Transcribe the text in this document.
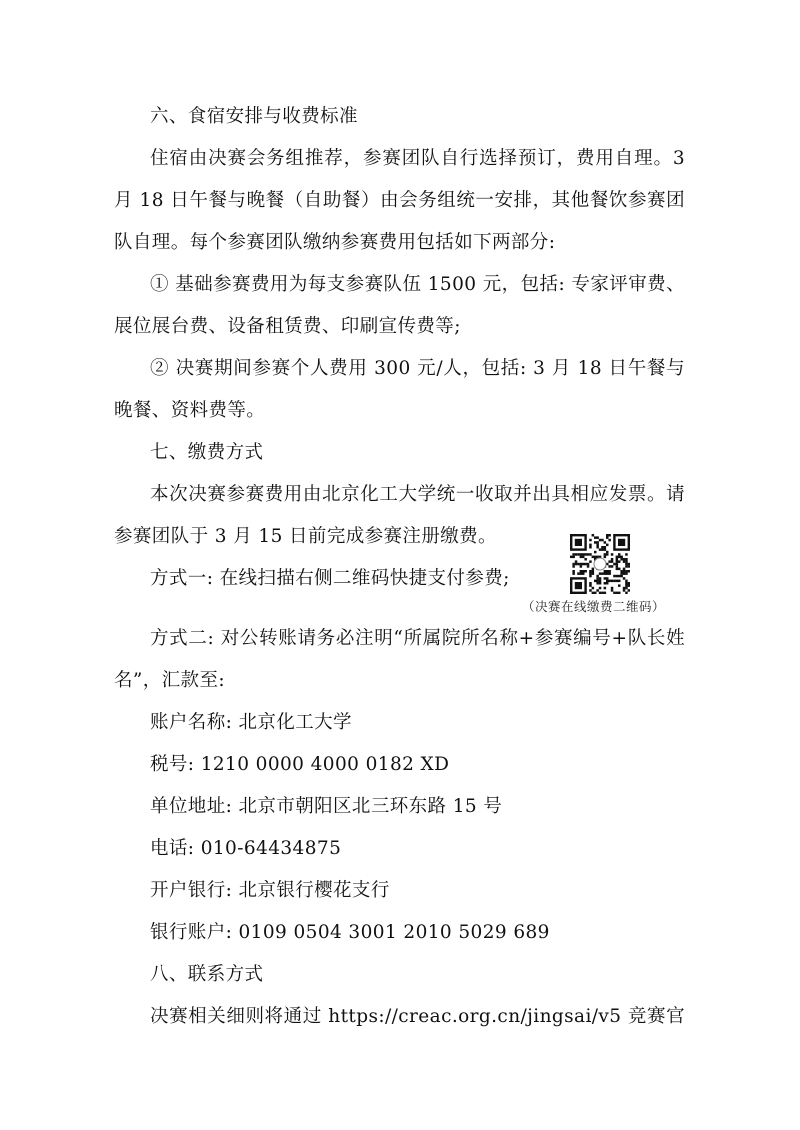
六、食宿安排与收费标准
住宿由决赛会务组推荐，参赛团队自行选择预订，费用自理。3
月 18 日午餐与晚餐（自助餐）由会务组统一安排，其他餐饮参赛团
队自理。每个参赛团队缴纳参赛费用包括如下两部分:
① 基础参赛费用为每支参赛队伍 1500 元，包括: 专家评审费、
展位展台费、设备租赁费、印刷宣传费等;
② 决赛期间参赛个人费用 300 元/人，包括: 3 月 18 日午餐与
晚餐、资料费等。
七、缴费方式
本次决赛参赛费用由北京化工大学统一收取并出具相应发票。请
参赛团队于 3 月 15 日前完成参赛注册缴费。
方式一: 在线扫描右侧二维码快捷支付参费;
（决赛在线缴费二维码）
方式二: 对公转账请务必注明“所属院所名称+参赛编号+队长姓
名”，汇款至:
账户名称: 北京化工大学
税号: 1210 0000 4000 0182 XD
单位地址: 北京市朝阳区北三环东路 15 号
电话: 010-64434875
开户银行: 北京银行樱花支行
银行账户: 0109 0504 3001 2010 5029 689
八、联系方式
决赛相关细则将通过 https://creac.org.cn/jingsai/v5 竞赛官
